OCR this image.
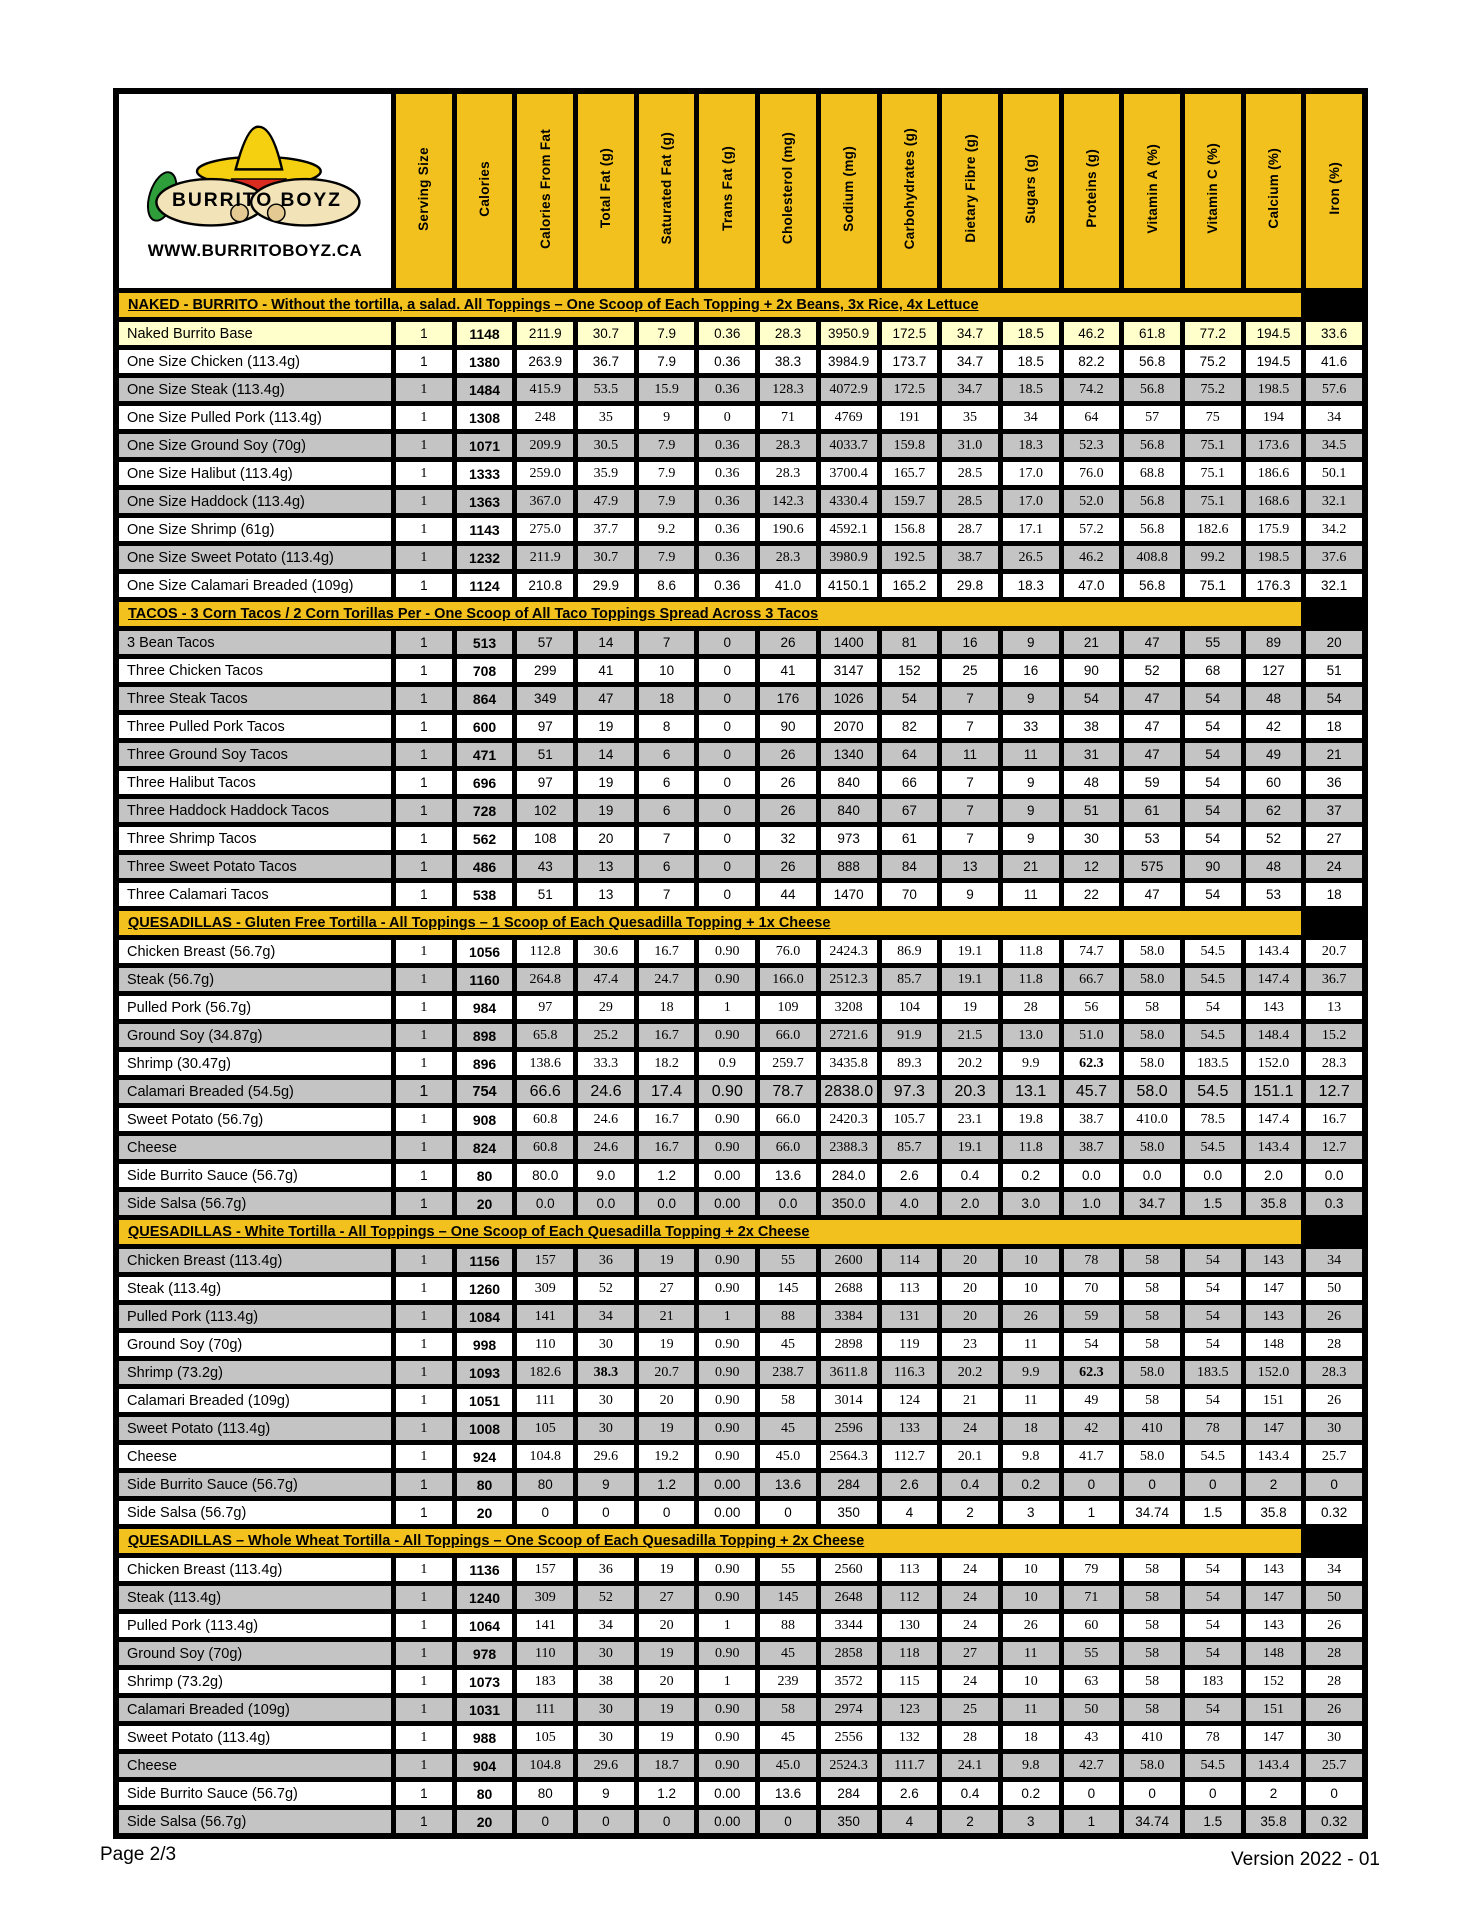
BURRITO BOYZ
WWW.BURRITOBOYZ.CA	Serving Size	Calories	Calories From Fat	Total Fat (g)	Saturated Fat (g)	Trans Fat (g)	Cholesterol (mg)	Sodium (mg)	Carbohydrates (g)	Dietary Fibre (g)	Sugars (g)	Proteins (g)	Vitamin A (%)	Vitamin C (%)	Calcium (%)	Iron (%)
NAKED - BURRITO - Without the tortilla, a salad. All Toppings – One Scoop of Each Topping + 2x Beans, 3x Rice, 4x Lettuce																
Naked Burrito Base	1	1148	211.9	30.7	7.9	0.36	28.3	3950.9	172.5	34.7	18.5	46.2	61.8	77.2	194.5	33.6
One Size Chicken (113.4g)	1	1380	263.9	36.7	7.9	0.36	38.3	3984.9	173.7	34.7	18.5	82.2	56.8	75.2	194.5	41.6
One Size Steak (113.4g)	1	1484	415.9	53.5	15.9	0.36	128.3	4072.9	172.5	34.7	18.5	74.2	56.8	75.2	198.5	57.6
One Size Pulled Pork (113.4g)	1	1308	248	35	9	0	71	4769	191	35	34	64	57	75	194	34
One Size Ground Soy (70g)	1	1071	209.9	30.5	7.9	0.36	28.3	4033.7	159.8	31.0	18.3	52.3	56.8	75.1	173.6	34.5
One Size Halibut (113.4g)	1	1333	259.0	35.9	7.9	0.36	28.3	3700.4	165.7	28.5	17.0	76.0	68.8	75.1	186.6	50.1
One Size Haddock (113.4g)	1	1363	367.0	47.9	7.9	0.36	142.3	4330.4	159.7	28.5	17.0	52.0	56.8	75.1	168.6	32.1
One Size Shrimp (61g)	1	1143	275.0	37.7	9.2	0.36	190.6	4592.1	156.8	28.7	17.1	57.2	56.8	182.6	175.9	34.2
One Size Sweet Potato (113.4g)	1	1232	211.9	30.7	7.9	0.36	28.3	3980.9	192.5	38.7	26.5	46.2	408.8	99.2	198.5	37.6
One Size Calamari Breaded (109g)	1	1124	210.8	29.9	8.6	0.36	41.0	4150.1	165.2	29.8	18.3	47.0	56.8	75.1	176.3	32.1
TACOS - 3 Corn Tacos / 2 Corn Torillas Per - One Scoop of All Taco Toppings Spread Across 3 Tacos																
3 Bean Tacos	1	513	57	14	7	0	26	1400	81	16	9	21	47	55	89	20
Three Chicken Tacos	1	708	299	41	10	0	41	3147	152	25	16	90	52	68	127	51
Three Steak Tacos	1	864	349	47	18	0	176	1026	54	7	9	54	47	54	48	54
Three Pulled Pork Tacos	1	600	97	19	8	0	90	2070	82	7	33	38	47	54	42	18
Three Ground Soy Tacos	1	471	51	14	6	0	26	1340	64	11	11	31	47	54	49	21
Three Halibut Tacos	1	696	97	19	6	0	26	840	66	7	9	48	59	54	60	36
Three Haddock Haddock Tacos	1	728	102	19	6	0	26	840	67	7	9	51	61	54	62	37
Three Shrimp Tacos	1	562	108	20	7	0	32	973	61	7	9	30	53	54	52	27
Three Sweet Potato Tacos	1	486	43	13	6	0	26	888	84	13	21	12	575	90	48	24
Three Calamari Tacos	1	538	51	13	7	0	44	1470	70	9	11	22	47	54	53	18
QUESADILLAS - Gluten Free Tortilla - All Toppings – 1 Scoop of Each Quesadilla Topping + 1x Cheese																
Chicken Breast (56.7g)	1	1056	112.8	30.6	16.7	0.90	76.0	2424.3	86.9	19.1	11.8	74.7	58.0	54.5	143.4	20.7
Steak (56.7g)	1	1160	264.8	47.4	24.7	0.90	166.0	2512.3	85.7	19.1	11.8	66.7	58.0	54.5	147.4	36.7
Pulled Pork (56.7g)	1	984	97	29	18	1	109	3208	104	19	28	56	58	54	143	13
Ground Soy (34.87g)	1	898	65.8	25.2	16.7	0.90	66.0	2721.6	91.9	21.5	13.0	51.0	58.0	54.5	148.4	15.2
Shrimp (30.47g)	1	896	138.6	33.3	18.2	0.9	259.7	3435.8	89.3	20.2	9.9	62.3	58.0	183.5	152.0	28.3
Calamari Breaded (54.5g)	1	754	66.6	24.6	17.4	0.90	78.7	2838.0	97.3	20.3	13.1	45.7	58.0	54.5	151.1	12.7
Sweet Potato (56.7g)	1	908	60.8	24.6	16.7	0.90	66.0	2420.3	105.7	23.1	19.8	38.7	410.0	78.5	147.4	16.7
Cheese	1	824	60.8	24.6	16.7	0.90	66.0	2388.3	85.7	19.1	11.8	38.7	58.0	54.5	143.4	12.7
Side Burrito Sauce (56.7g)	1	80	80.0	9.0	1.2	0.00	13.6	284.0	2.6	0.4	0.2	0.0	0.0	0.0	2.0	0.0
Side Salsa (56.7g)	1	20	0.0	0.0	0.0	0.00	0.0	350.0	4.0	2.0	3.0	1.0	34.7	1.5	35.8	0.3
QUESADILLAS - White Tortilla - All Toppings – One Scoop of Each Quesadilla Topping + 2x Cheese																
Chicken Breast (113.4g)	1	1156	157	36	19	0.90	55	2600	114	20	10	78	58	54	143	34
Steak (113.4g)	1	1260	309	52	27	0.90	145	2688	113	20	10	70	58	54	147	50
Pulled Pork (113.4g)	1	1084	141	34	21	1	88	3384	131	20	26	59	58	54	143	26
Ground Soy (70g)	1	998	110	30	19	0.90	45	2898	119	23	11	54	58	54	148	28
Shrimp (73.2g)	1	1093	182.6	38.3	20.7	0.90	238.7	3611.8	116.3	20.2	9.9	62.3	58.0	183.5	152.0	28.3
Calamari Breaded (109g)	1	1051	111	30	20	0.90	58	3014	124	21	11	49	58	54	151	26
Sweet Potato (113.4g)	1	1008	105	30	19	0.90	45	2596	133	24	18	42	410	78	147	30
Cheese	1	924	104.8	29.6	19.2	0.90	45.0	2564.3	112.7	20.1	9.8	41.7	58.0	54.5	143.4	25.7
Side Burrito Sauce (56.7g)	1	80	80	9	1.2	0.00	13.6	284	2.6	0.4	0.2	0	0	0	2	0
Side Salsa (56.7g)	1	20	0	0	0	0.00	0	350	4	2	3	1	34.74	1.5	35.8	0.32
QUESADILLAS – Whole Wheat Tortilla - All Toppings – One Scoop of Each Quesadilla Topping + 2x Cheese																
Chicken Breast (113.4g)	1	1136	157	36	19	0.90	55	2560	113	24	10	79	58	54	143	34
Steak (113.4g)	1	1240	309	52	27	0.90	145	2648	112	24	10	71	58	54	147	50
Pulled Pork (113.4g)	1	1064	141	34	20	1	88	3344	130	24	26	60	58	54	143	26
Ground Soy (70g)	1	978	110	30	19	0.90	45	2858	118	27	11	55	58	54	148	28
Shrimp (73.2g)	1	1073	183	38	20	1	239	3572	115	24	10	63	58	183	152	28
Calamari Breaded (109g)	1	1031	111	30	19	0.90	58	2974	123	25	11	50	58	54	151	26
Sweet Potato (113.4g)	1	988	105	30	19	0.90	45	2556	132	28	18	43	410	78	147	30
Cheese	1	904	104.8	29.6	18.7	0.90	45.0	2524.3	111.7	24.1	9.8	42.7	58.0	54.5	143.4	25.7
Side Burrito Sauce (56.7g)	1	80	80	9	1.2	0.00	13.6	284	2.6	0.4	0.2	0	0	0	2	0
Side Salsa (56.7g)	1	20	0	0	0	0.00	0	350	4	2	3	1	34.74	1.5	35.8	0.32
Page 2/3	Version 2022 - 01
